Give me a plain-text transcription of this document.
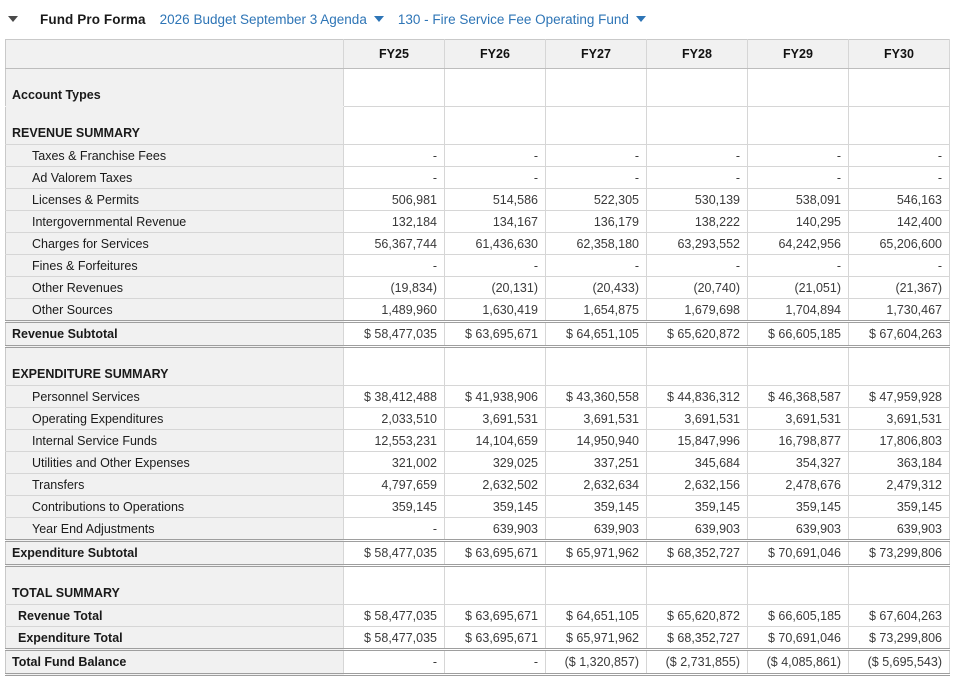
Fund Pro Forma 2026 Budget September 3 Agenda 130 - Fire Service Fee Operating Fund
	FY25	FY26	FY27	FY28	FY29	FY30
Account Types						
REVENUE SUMMARY						
Taxes & Franchise Fees	-	-	-	-	-	-
Ad Valorem Taxes	-	-	-	-	-	-
Licenses & Permits	506,981	514,586	522,305	530,139	538,091	546,163
Intergovernmental Revenue	132,184	134,167	136,179	138,222	140,295	142,400
Charges for Services	56,367,744	61,436,630	62,358,180	63,293,552	64,242,956	65,206,600
Fines & Forfeitures	-	-	-	-	-	-
Other Revenues	(19,834)	(20,131)	(20,433)	(20,740)	(21,051)	(21,367)
Other Sources	1,489,960	1,630,419	1,654,875	1,679,698	1,704,894	1,730,467
Revenue Subtotal	$ 58,477,035	$ 63,695,671	$ 64,651,105	$ 65,620,872	$ 66,605,185	$ 67,604,263
EXPENDITURE SUMMARY						
Personnel Services	$ 38,412,488	$ 41,938,906	$ 43,360,558	$ 44,836,312	$ 46,368,587	$ 47,959,928
Operating Expenditures	2,033,510	3,691,531	3,691,531	3,691,531	3,691,531	3,691,531
Internal Service Funds	12,553,231	14,104,659	14,950,940	15,847,996	16,798,877	17,806,803
Utilities and Other Expenses	321,002	329,025	337,251	345,684	354,327	363,184
Transfers	4,797,659	2,632,502	2,632,634	2,632,156	2,478,676	2,479,312
Contributions to Operations	359,145	359,145	359,145	359,145	359,145	359,145
Year End Adjustments	-	639,903	639,903	639,903	639,903	639,903
Expenditure Subtotal	$ 58,477,035	$ 63,695,671	$ 65,971,962	$ 68,352,727	$ 70,691,046	$ 73,299,806
TOTAL SUMMARY						
Revenue Total	$ 58,477,035	$ 63,695,671	$ 64,651,105	$ 65,620,872	$ 66,605,185	$ 67,604,263
Expenditure Total	$ 58,477,035	$ 63,695,671	$ 65,971,962	$ 68,352,727	$ 70,691,046	$ 73,299,806
Total Fund Balance	-	-	($ 1,320,857)	($ 2,731,855)	($ 4,085,861)	($ 5,695,543)
